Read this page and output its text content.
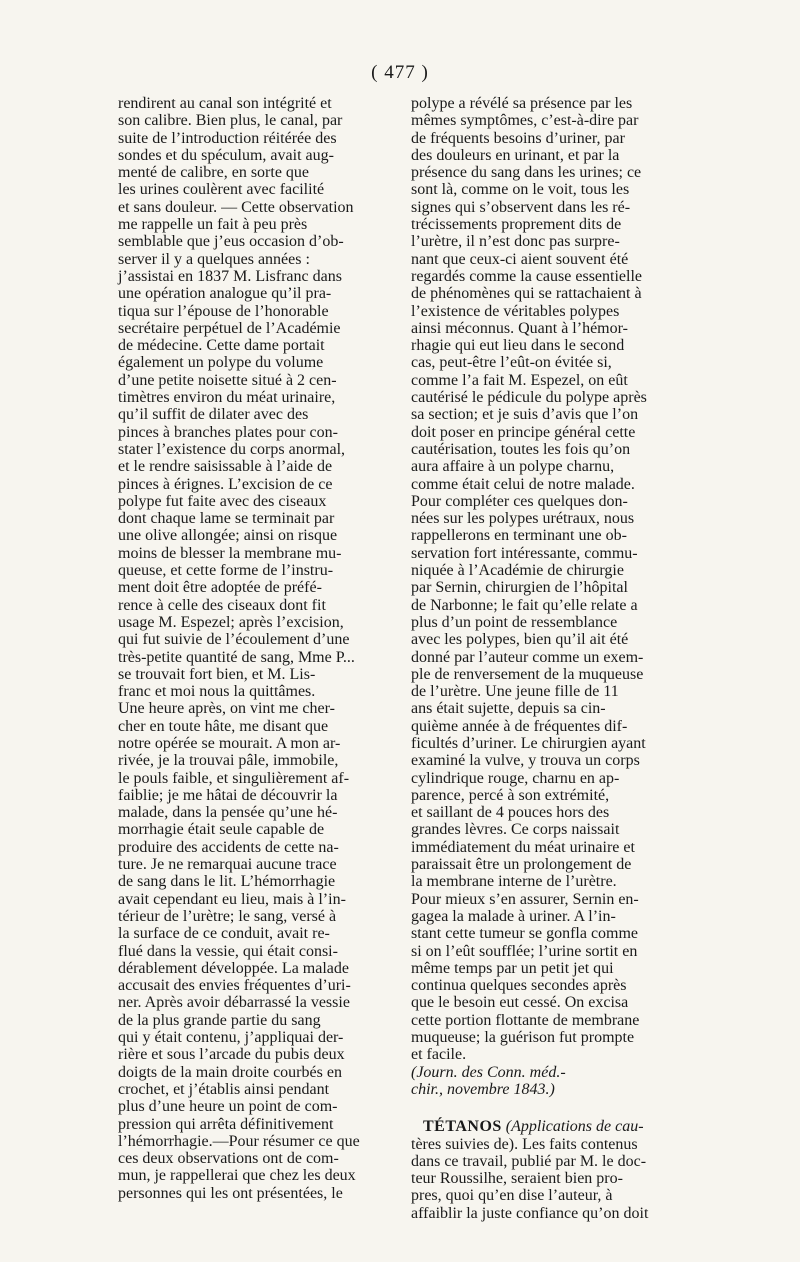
( 477 )
rendirent au canal son intégrité et
son calibre. Bien plus, le canal, par
suite de l’introduction réitérée des
sondes et du spéculum, avait aug-
menté de calibre, en sorte que
les urines coulèrent avec facilité
et sans douleur. — Cette observation
me rappelle un fait à peu près
semblable que j’eus occasion d’ob-
server il y a quelques années :
j’assistai en 1837 M. Lisfranc dans
une opération analogue qu’il pra-
tiqua sur l’épouse de l’honorable
secrétaire perpétuel de l’Académie
de médecine. Cette dame portait
également un polype du volume
d’une petite noisette situé à 2 cen-
timètres environ du méat urinaire,
qu’il suffit de dilater avec des
pinces à branches plates pour con-
stater l’existence du corps anormal,
et le rendre saisissable à l’aide de
pinces à érignes. L’excision de ce
polype fut faite avec des ciseaux
dont chaque lame se terminait par
une olive allongée; ainsi on risque
moins de blesser la membrane mu-
queuse, et cette forme de l’instru-
ment doit être adoptée de préfé-
rence à celle des ciseaux dont fit
usage M. Espezel; après l’excision,
qui fut suivie de l’écoulement d’une
très-petite quantité de sang, Mme P...
se trouvait fort bien, et M. Lis-
franc et moi nous la quittâmes.
Une heure après, on vint me cher-
cher en toute hâte, me disant que
notre opérée se mourait. A mon ar-
rivée, je la trouvai pâle, immobile,
le pouls faible, et singulièrement af-
faiblie; je me hâtai de découvrir la
malade, dans la pensée qu’une hé-
morrhagie était seule capable de
produire des accidents de cette na-
ture. Je ne remarquai aucune trace
de sang dans le lit. L’hémorrhagie
avait cependant eu lieu, mais à l’in-
térieur de l’urètre; le sang, versé à
la surface de ce conduit, avait re-
flué dans la vessie, qui était consi-
dérablement développée. La malade
accusait des envies fréquentes d’uri-
ner. Après avoir débarrassé la vessie
de la plus grande partie du sang
qui y était contenu, j’appliquai der-
rière et sous l’arcade du pubis deux
doigts de la main droite courbés en
crochet, et j’établis ainsi pendant
plus d’une heure un point de com-
pression qui arrêta définitivement
l’hémorrhagie.—Pour résumer ce que
ces deux observations ont de com-
mun, je rappellerai que chez les deux
personnes qui les ont présentées, le
polype a révélé sa présence par les
mêmes symptômes, c’est-à-dire par
de fréquents besoins d’uriner, par
des douleurs en urinant, et par la
présence du sang dans les urines; ce
sont là, comme on le voit, tous les
signes qui s’observent dans les ré-
trécissements proprement dits de
l’urètre, il n’est donc pas surpre-
nant que ceux-ci aient souvent été
regardés comme la cause essentielle
de phénomènes qui se rattachaient à
l’existence de véritables polypes
ainsi méconnus. Quant à l’hémor-
rhagie qui eut lieu dans le second
cas, peut-être l’eût-on évitée si,
comme l’a fait M. Espezel, on eût
cautérisé le pédicule du polype après
sa section; et je suis d’avis que l’on
doit poser en principe général cette
cautérisation, toutes les fois qu’on
aura affaire à un polype charnu,
comme était celui de notre malade.
Pour compléter ces quelques don-
nées sur les polypes urétraux, nous
rappellerons en terminant une ob-
servation fort intéressante, commu-
niquée à l’Académie de chirurgie
par Sernin, chirurgien de l’hôpital
de Narbonne; le fait qu’elle relate a
plus d’un point de ressemblance
avec les polypes, bien qu’il ait été
donné par l’auteur comme un exem-
ple de renversement de la muqueuse
de l’urètre. Une jeune fille de 11
ans était sujette, depuis sa cin-
quième année à de fréquentes dif-
ficultés d’uriner. Le chirurgien ayant
examiné la vulve, y trouva un corps
cylindrique rouge, charnu en ap-
parence, percé à son extrémité,
et saillant de 4 pouces hors des
grandes lèvres. Ce corps naissait
immédiatement du méat urinaire et
paraissait être un prolongement de
la membrane interne de l’urètre.
Pour mieux s’en assurer, Sernin en-
gagea la malade à uriner. A l’in-
stant cette tumeur se gonfla comme
si on l’eût soufflée; l’urine sortit en
même temps par un petit jet qui
continua quelques secondes après
que le besoin eut cessé. On excisa
cette portion flottante de membrane
muqueuse; la guérison fut prompte
et facile.
(Journ. des Conn. méd.-
chir., novembre 1843.)
TÉTANOS (Applications de cau-
tères suivies de). Les faits contenus
dans ce travail, publié par M. le doc-
teur Roussilhe, seraient bien pro-
pres, quoi qu’en dise l’auteur, à
affaiblir la juste confiance qu’on doit
